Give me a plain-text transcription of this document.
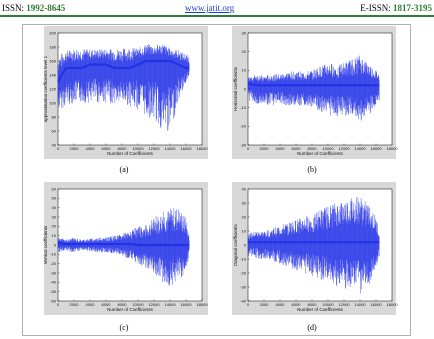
ISSN: 1992-8645	www.jatit.org	E-ISSN: 1817-3195
0	2000 4000 6000 8000 10000 12000 14000 16000 18000
40
60
80
100
120
140
160
180
200
Number of Coefficients
approximation coefficients level 1
(a)
0	2000 4000 6000 8000 10000 12000 14000 16000 18000
-30
-20
-10
0
10
20
30
Number of Coefficients
Horizontal coefficients
(b)
0	2000 4000 6000 8000 10000 12000 14000 16000 18000
-60
-50
-40
-30
-20
-10
0
10
20
30
40
50
60
Number of Coefficients
Vertical coefficients
(c)
0	2000 4000 6000 8000 10000 12000 14000 16000 18000
-40
-30
-20
-10
0
10
20
30
40
Number of Coefficients
Diagonal coefficients
(d)
